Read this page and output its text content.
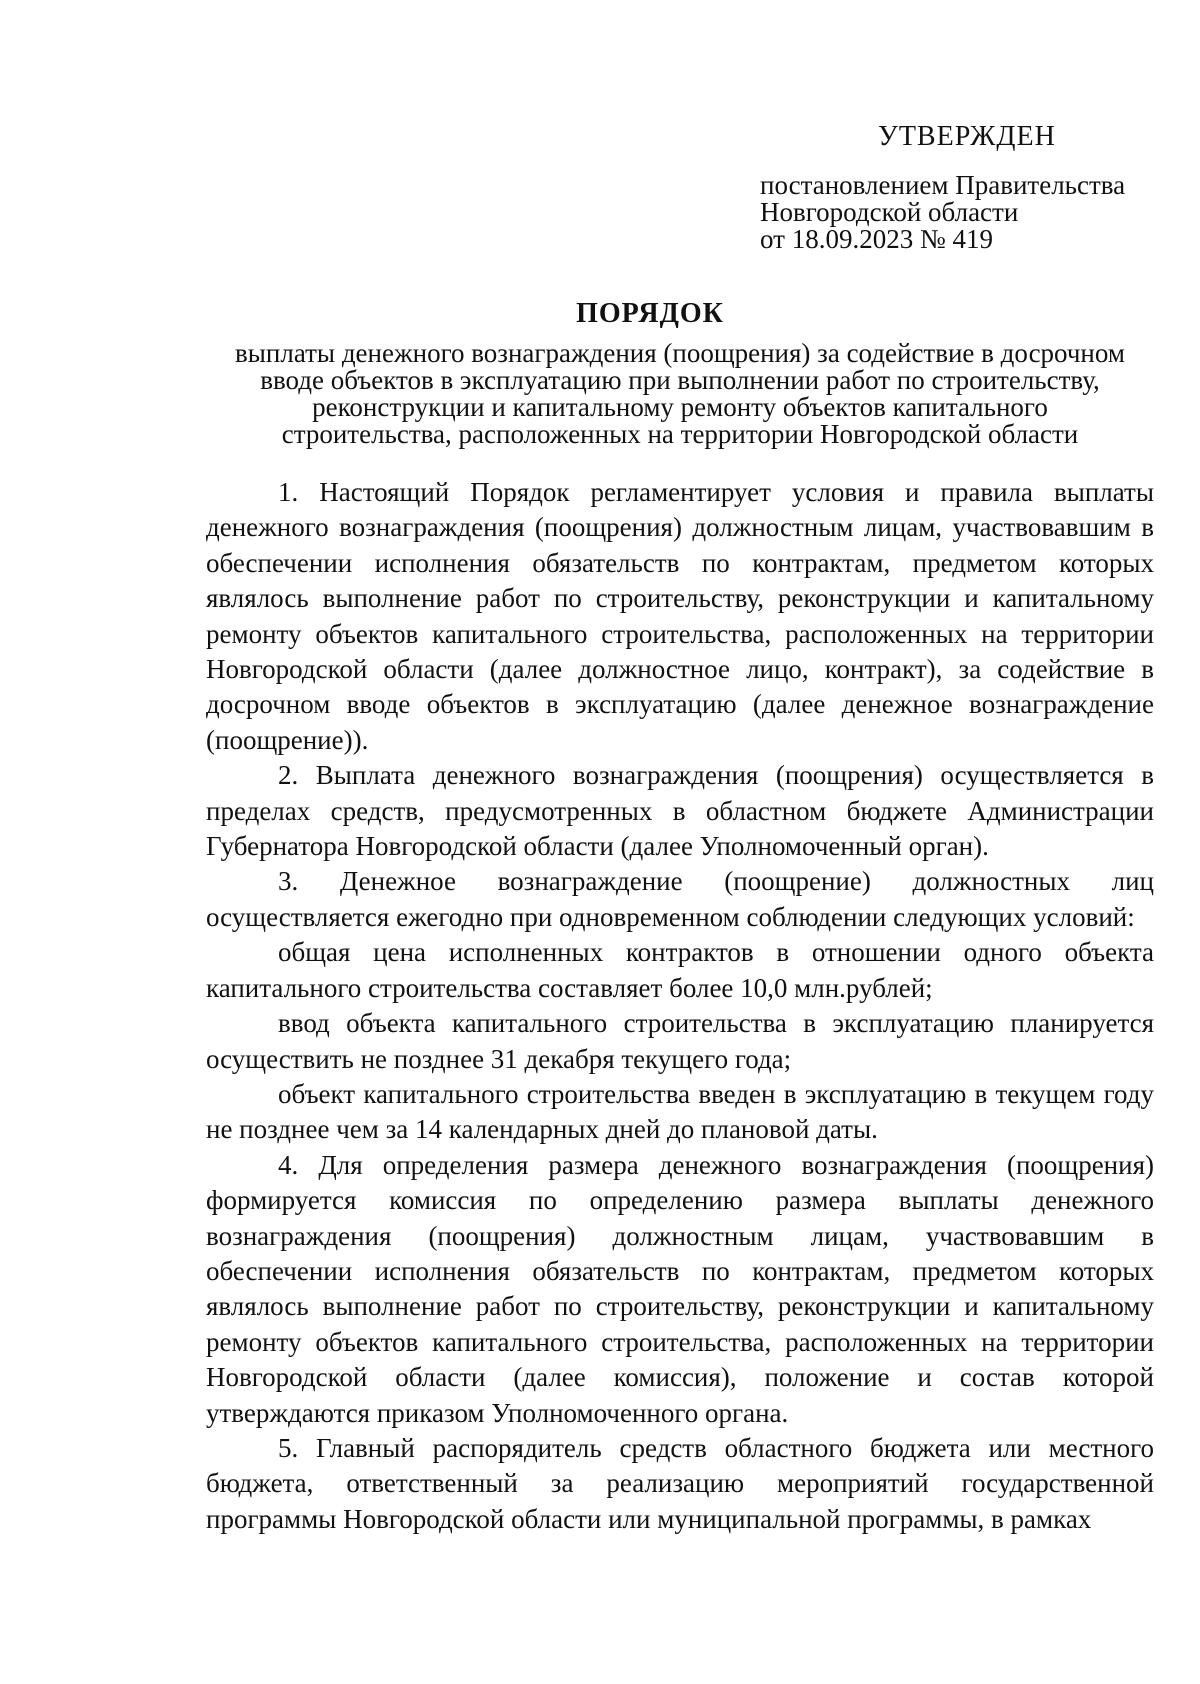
УТВЕРЖДЕН
постановлением Правительства
Новгородской области
от 18.09.2023 № 419
ПОРЯДОК
выплаты денежного вознаграждения (поощрения) за содействие в досрочном
вводе объектов в эксплуатацию при выполнении работ по строительству,
реконструкции и капитальному ремонту объектов капитального
строительства, расположенных на территории Новгородской области

1. Настоящий Порядок регламентирует условия и правила выплаты денежного вознаграждения (поощрения) должностным лицам, участвовавшим в обеспечении исполнения обязательств по контрактам, предметом которых являлось выполнение работ по строительству, реконструкции и капитальному ремонту объектов капитального строительства, расположенных на территории Новгородской области (далее должностное лицо, контракт), за содействие в досрочном вводе объектов в эксплуатацию (далее денежное вознаграждение (поощрение)).

2. Выплата денежного вознаграждения (поощрения) осуществляется в пределах средств, предусмотренных в областном бюджете Администрации Губернатора Новгородской области (далее Уполномоченный орган).

3. Денежное вознаграждение (поощрение) должностных лиц осуществляется ежегодно при одновременном соблюдении следующих условий:

общая цена исполненных контрактов в отношении одного объекта капитального строительства составляет более 10,0 млн.рублей;

ввод объекта капитального строительства в эксплуатацию планируется осуществить не позднее 31 декабря текущего года;

объект капитального строительства введен в эксплуатацию в текущем году не позднее чем за 14 календарных дней до плановой даты.

4. Для определения размера денежного вознаграждения (поощрения) формируется комиссия по определению размера выплаты денежного вознаграждения (поощрения) должностным лицам, участвовавшим в обеспечении исполнения обязательств по контрактам, предметом которых являлось выполнение работ по строительству, реконструкции и капитальному ремонту объектов капитального строительства, расположенных на территории Новгородской области (далее комиссия), положение и состав которой утверждаются приказом Уполномоченного органа.

5. Главный распорядитель средств областного бюджета или местного бюджета, ответственный за реализацию мероприятий государственной программы Новгородской области или муниципальной программы, в рамках
